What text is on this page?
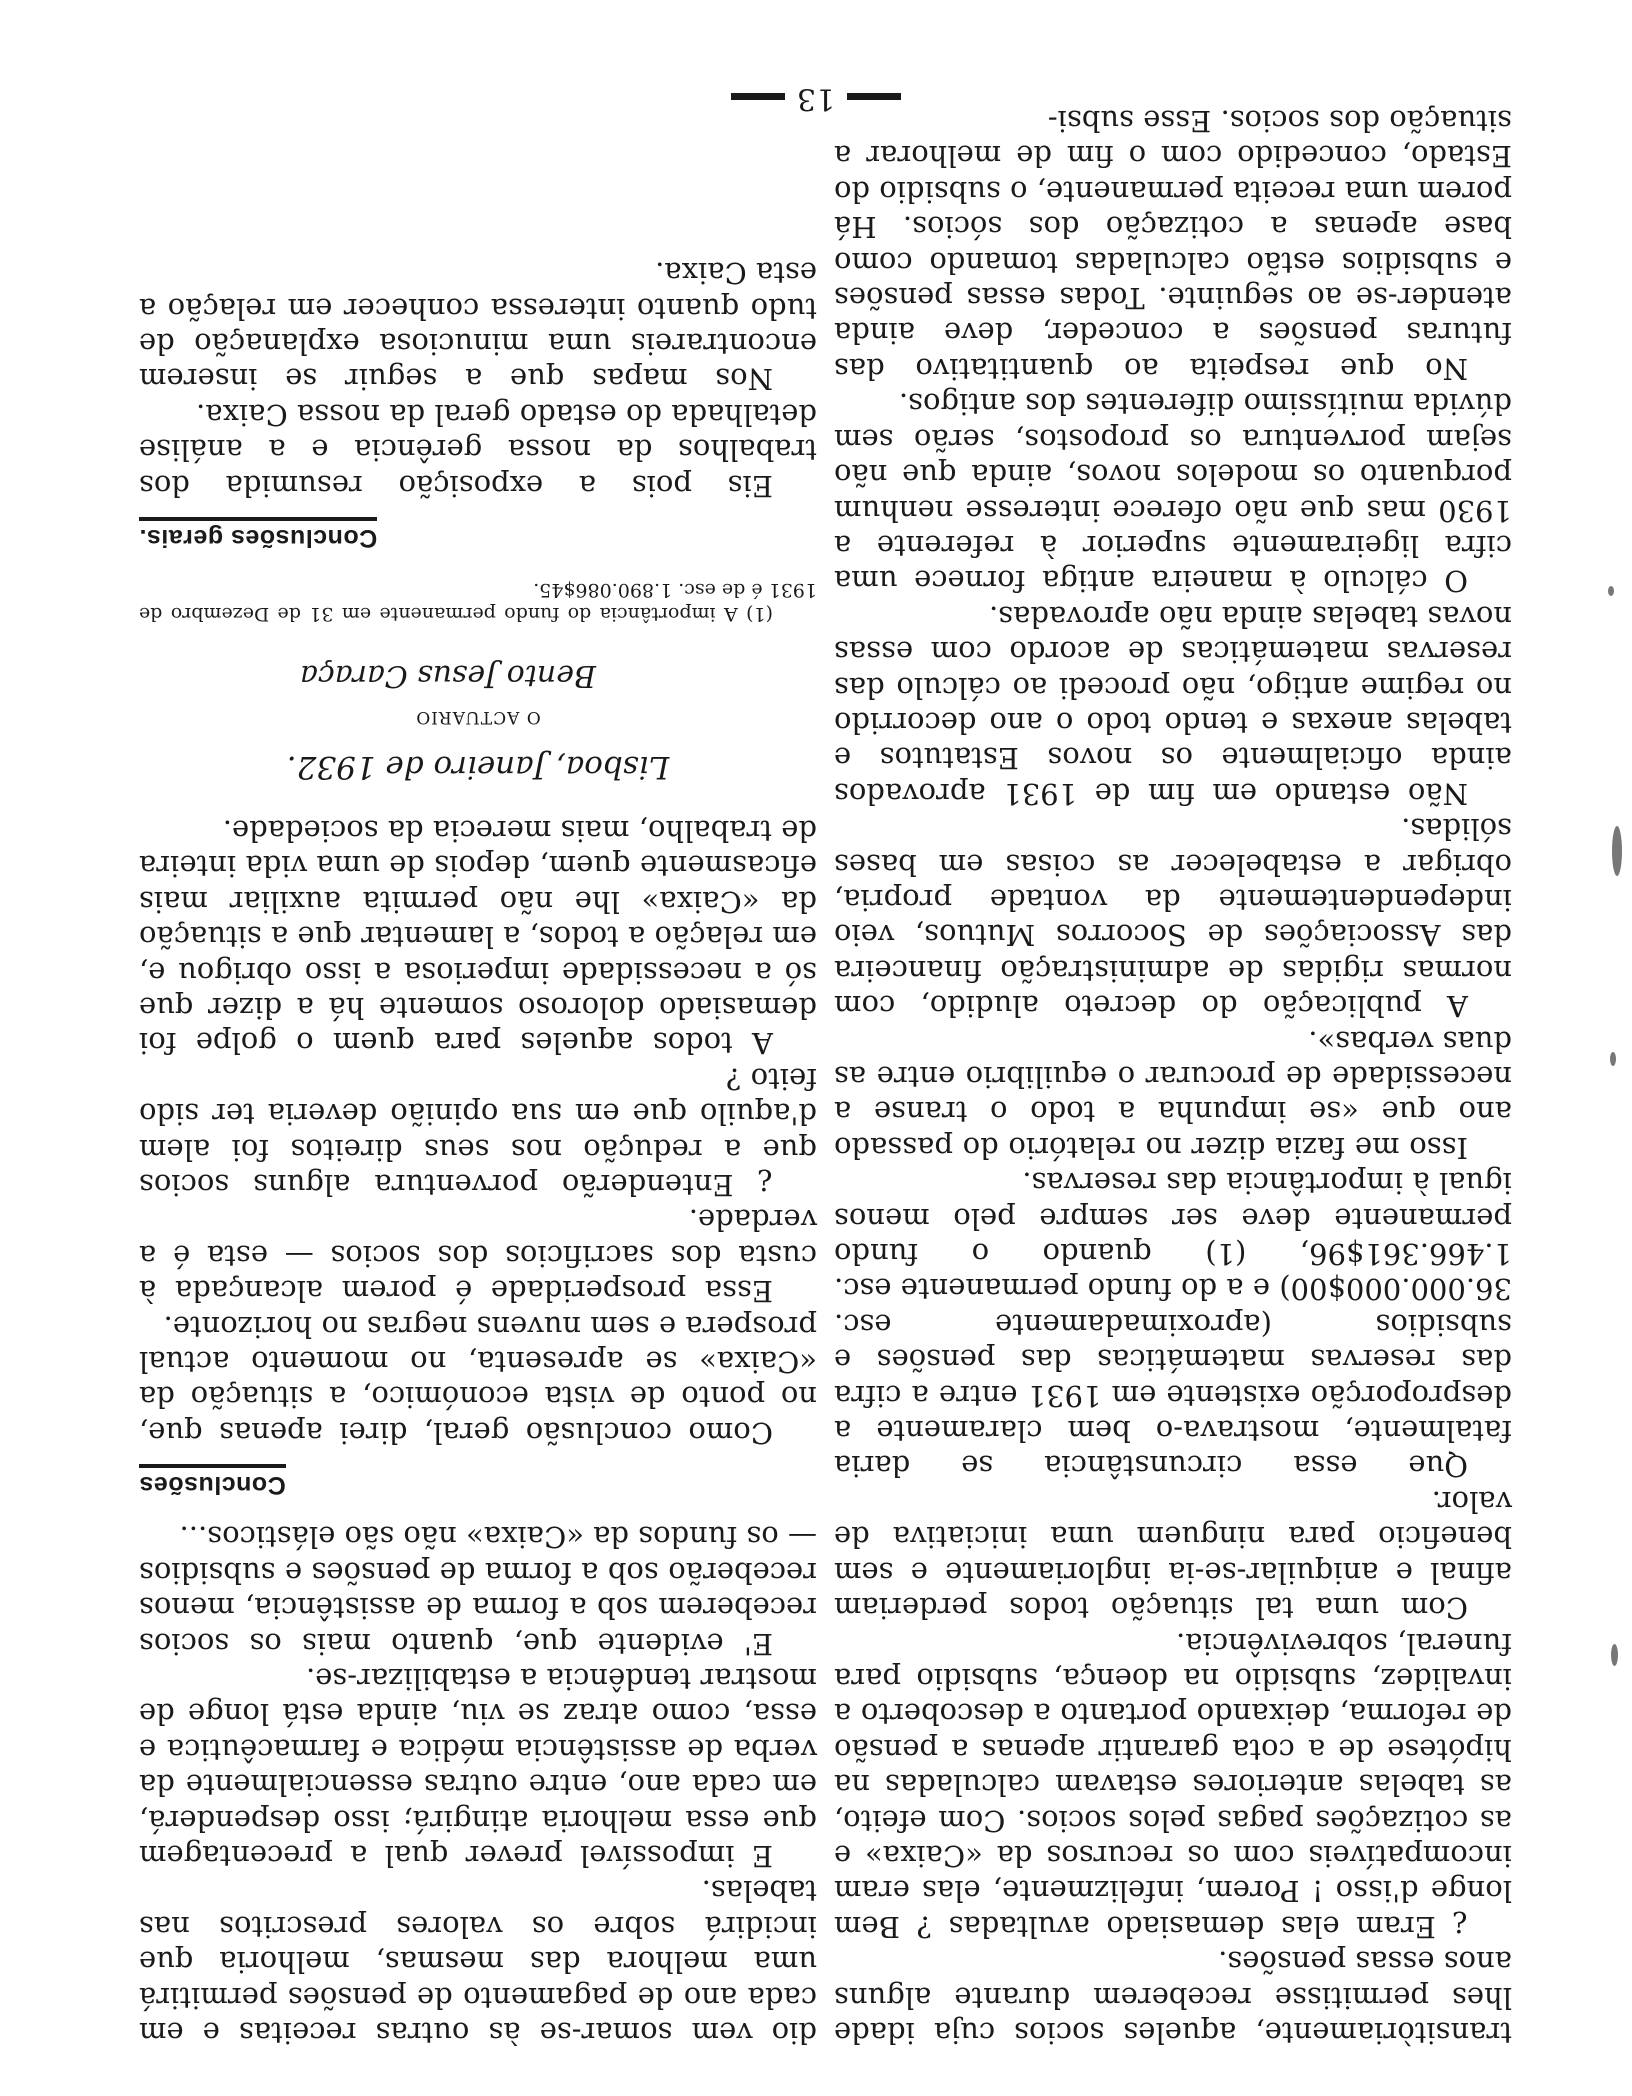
transitòriamente, aqueles socios cuja idade lhes permitisse receberem durante alguns anos essas pensões.

¿ Eram elas demasiado avultadas ? Bem longe d'isso ! Porem, infelizmente, elas eram incompatíveis com os recursos da «Caixa» e as cotizações pagas pelos socios. Com efeito, as tabelas anteriores estavam calculadas na hipótese de a cota garantir apenas a pensão de reforma, deixando portanto a descoberto a invalidez, subsidio na doença, subsidio para funeral, sobrevivência.

Com uma tal situação todos perderiam afinal e aniquilar-se-ia ingloriamente e sem beneficio para ninguem uma iniciativa de valor.

Que essa circunstância se daria fatalmente, mostrava-o bem claramente a desproporção existente em 1931 entre a cifra das reservas matemáticas das pensões e subsidios (aproximadamente esc. 36.000.000$00) e a do fundo permanente esc. 1.466.361$96, (1) quando o fundo permanente deve ser sempre pelo menos igual à importância das reservas.

Isso me fazia dizer no relatório do passado ano que «se impunha a todo o transe a necessidade de procurar o equilibrio entre as duas verbas».

A publicação do decreto aludido, com normas rigidas de administração financeira das Associações de Socorros Mutuos, veio independentemente da vontade propria, obrigar a estabelecer as coisas em bases sólidas.

Não estando em fim de 1931 aprovados ainda oficialmente os novos Estatutos e tabelas anexas e tendo todo o ano decorrido no regime antigo, não procedi ao cálculo das reservas matemáticas de acordo com essas novas tabelas ainda não aprovadas.

O cálculo à maneira antiga fornece uma cifra ligeiramente superior à referente a 1930 mas que não oferece interesse nenhum porquanto os modelos novos, ainda que não sejam porventura os propostos, serão sem dúvida muitíssimo diferentes dos antigos.

No que respeita ao quantitativo das futuras pensões a conceder, deve ainda atender-se ao seguinte. Todas essas pensões e subsidios estão calculadas tomando como base apenas a cotização dos sócios. Há porem uma receita permanente, o subsidio do Estado, concedido com o fim de melhorar a situação dos socios. Esse subsi-

dio vem somar-se às outras receitas e em cada ano de pagamento de pensões permitirá uma melhora das mesmas, melhoria que incidirá sobre os valores prescritos nas tabelas.

E impossível prever qual a precentagem que essa melhoria atingirá; isso despenderá, em cada ano, entre outras essencialmente da verba de assistência médica e farmacêutica e essa, como atraz se viu, ainda está longe de mostrar tendência a estabilizar-se.

E' evidente que, quanto mais os socios receberem sob a forma de assistência, menos receberão sob a forma de pensões e subsidios — os fundos da «Caixa» não são elásticos...

Conclusões

Como conclusão geral, direi apenas que, no ponto de vista económico, a situação da «Caixa» se apresenta, no momento actual prospera e sem nuvens negras no horizonte.

Essa prosperidade é porem alcançada à custa dos sacrificios dos socios — esta é a verdade.

¿ Entenderão porventura alguns socios que a redução nos seus direitos foi alem d'aquilo que em sua opinião deveria ter sido feito ?

A todos aqueles para quem o golpe foi demasiado doloroso somente há a dizer que só a necessidade imperiosa a isso obrigou e, em relação a todos, a lamentar que a situação da «Caixa» lhe não permita auxiliar mais eficasmente quem, depois de uma vida inteira de trabalho, mais merecia da sociedade.

Lisboa, Janeiro de 1932.
O ACTUARIO
Bento Jesus Caraça
(1) A importância do fundo permanente em 31 de Dezembro de 1931 é de esc. 1.890.086$45.
Conclusões gerais.

Eis pois a exposição resumida dos trabalhos da nossa gerência e a análise detalhada do estado geral da nossa Caixa.

Nos mapas que a seguir se inserem encontrareis uma minuciosa explanação de tudo quanto interessa conhecer em relação a esta Caixa.

13
